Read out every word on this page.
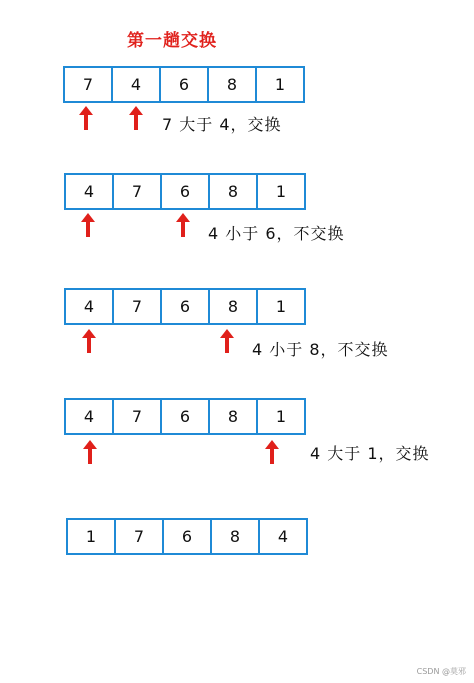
第一趟交换
7	4	6	8	1
7 大于 4，交换
4	7	6	8	1
4 小于 6，不交换
4	7	6	8	1
4 小于 8，不交换
4	7	6	8	1
4 大于 1，交换
1	7	6	8	4
CSDN @莫邪
